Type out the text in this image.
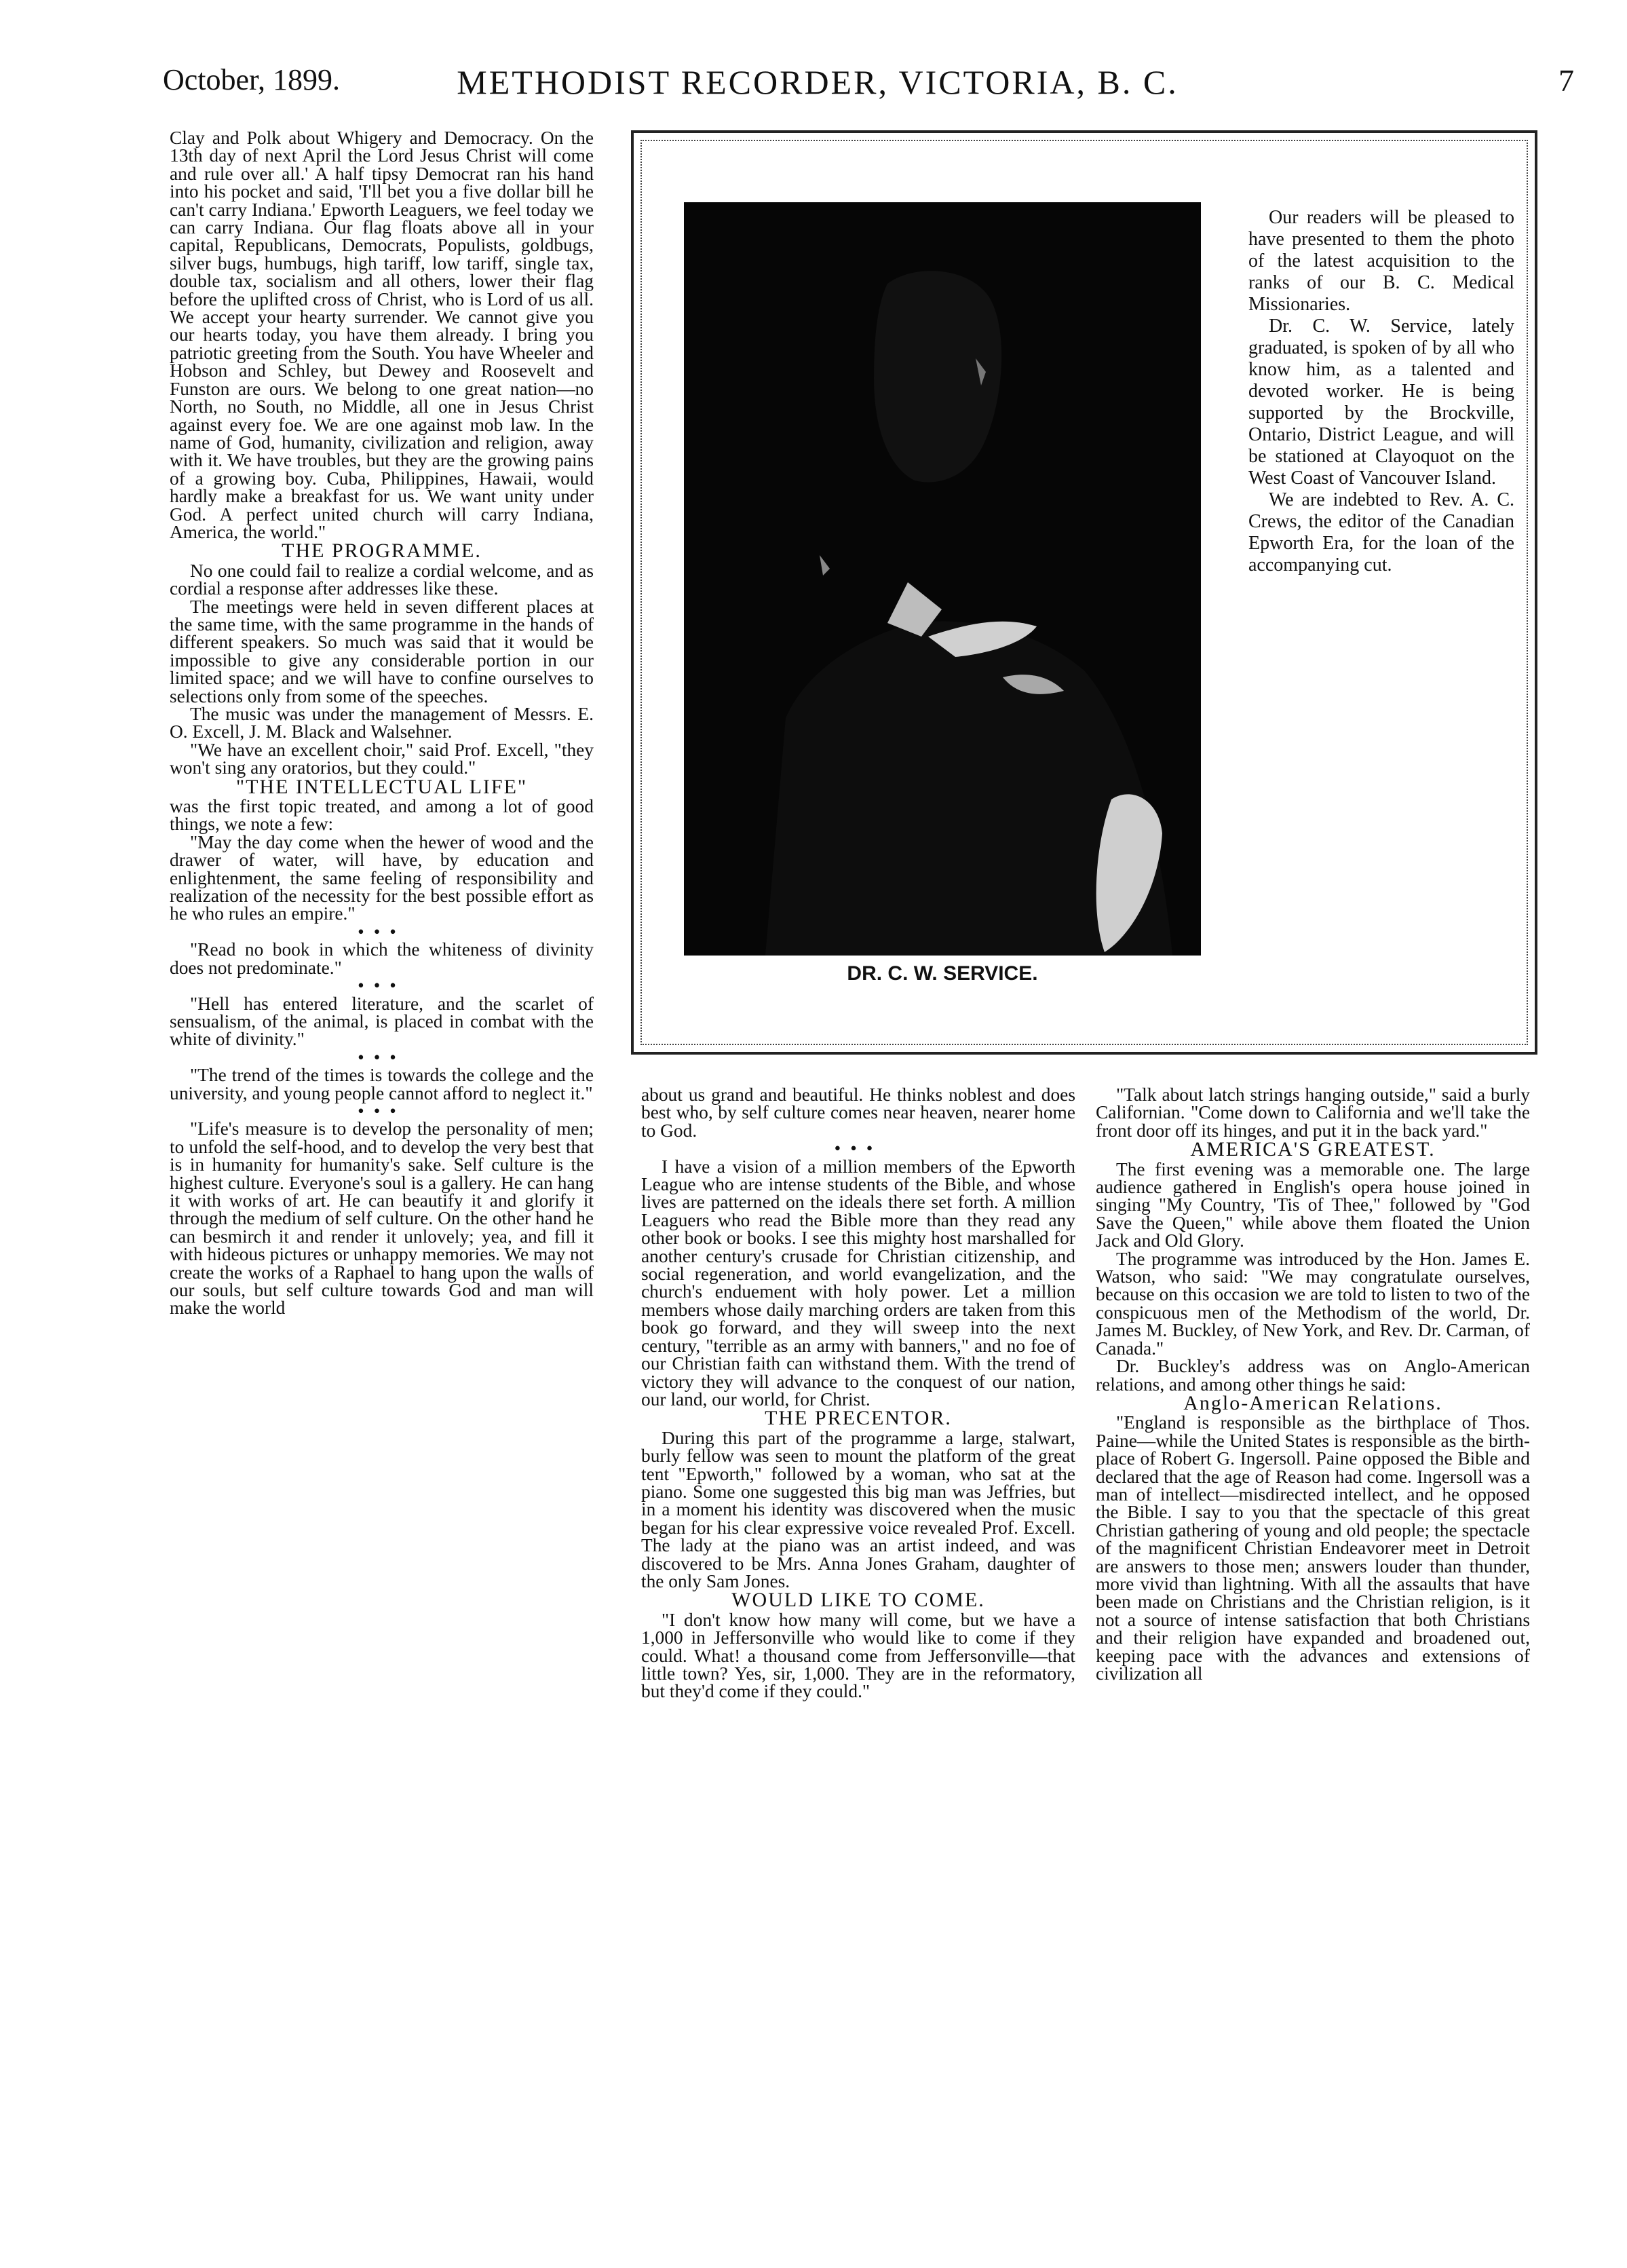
October, 1899.	METHODIST RECORDER, VICTORIA, B. C.	7

Clay and Polk about Whigery and Democracy. On the 13th day of next April the Lord Jesus Christ will come and rule over all.' A half tipsy Democrat ran his hand into his pocket and said, 'I'll bet you a five dollar bill he can't carry Indiana.' Epworth Leaguers, we feel today we can carry Indiana. Our flag floats above all in your capital, Republicans, Democrats, Populists, goldbugs, silver bugs, humbugs, high tariff, low tariff, single tax, double tax, socialism and all others, lower their flag before the uplifted cross of Christ, who is Lord of us all. We accept your hearty surrender. We cannot give you our hearts today, you have them already. I bring you patriotic greeting from the South. You have Wheeler and Hobson and Schley, but Dewey and Roosevelt and Funston are ours. We belong to one great nation—no North, no South, no Middle, all one in Jesus Christ against every foe. We are one against mob law. In the name of God, humanity, civilization and religion, away with it. We have troubles, but they are the growing pains of a growing boy. Cuba, Philippines, Hawaii, would hardly make a breakfast for us. We want unity under God. A perfect united church will carry Indiana, America, the world."

THE PROGRAMME.

No one could fail to realize a cordial welcome, and as cordial a response after addresses like these.

The meetings were held in seven different places at the same time, with the same programme in the hands of different speakers. So much was said that it would be impossible to give any considerable portion in our limited space; and we will have to confine ourselves to selections only from some of the speeches.

The music was under the management of Messrs. E. O. Excell, J. M. Black and Walsehner.

"We have an excellent choir," said Prof. Excell, "they won't sing any oratorios, but they could."

"THE INTELLECTUAL LIFE"

was the first topic treated, and among a lot of good things, we note a few:

"May the day come when the hewer of wood and the drawer of water, will have, by education and enlightenment, the same feeling of responsibility and realization of the necessity for the best possible effort as he who rules an empire."

•••

"Read no book in which the whiteness of divinity does not predominate."

•••

"Hell has entered literature, and the scarlet of sensualism, of the animal, is placed in combat with the white of divinity."

•••

"The trend of the times is towards the college and the university, and young people cannot afford to neglect it."

•••

"Life's measure is to develop the personality of men; to unfold the self-hood, and to develop the very best that is in humanity for humanity's sake. Self culture is the highest culture. Everyone's soul is a gallery. He can hang it with works of art. He can beautify it and glorify it through the medium of self culture. On the other hand he can besmirch it and render it unlovely; yea, and fill it with hideous pictures or unhappy memories. We may not create the works of a Raphael to hang upon the walls of our souls, but self culture towards God and man will make the world

DR. C. W. SERVICE.

Our readers will be pleased to have presented to them the photo of the latest acquisition to the ranks of our B. C. Medical Missionaries.

Dr. C. W. Service, lately graduated, is spoken of by all who know him, as a talented and devoted worker. He is being supported by the Brockville, Ontario, District League, and will be stationed at Clayoquot on the West Coast of Vancouver Island.

We are indebted to Rev. A. C. Crews, the editor of the Canadian Epworth Era, for the loan of the accompanying cut.

about us grand and beautiful. He thinks noblest and does best who, by self culture comes near heaven, nearer home to God.

•••

I have a vision of a million members of the Epworth League who are intense students of the Bible, and whose lives are patterned on the ideals there set forth. A million Leaguers who read the Bible more than they read any other book or books. I see this mighty host marshalled for another century's crusade for Christian citizenship, and social regeneration, and world evangelization, and the church's enduement with holy power. Let a million members whose daily marching orders are taken from this book go forward, and they will sweep into the next century, "terrible as an army with banners," and no foe of our Christian faith can withstand them. With the trend of victory they will advance to the conquest of our nation, our land, our world, for Christ.

THE PRECENTOR.

During this part of the programme a large, stalwart, burly fellow was seen to mount the platform of the great tent "Epworth," followed by a woman, who sat at the piano. Some one suggested this big man was Jeffries, but in a moment his identity was discovered when the music began for his clear expressive voice revealed Prof. Excell. The lady at the piano was an artist indeed, and was discovered to be Mrs. Anna Jones Graham, daughter of the only Sam Jones.

WOULD LIKE TO COME.

"I don't know how many will come, but we have a 1,000 in Jeffersonville who would like to come if they could. What! a thousand come from Jeffersonville—that little town? Yes, sir, 1,000. They are in the reformatory, but they'd come if they could."

"Talk about latch strings hanging outside," said a burly Californian. "Come down to California and we'll take the front door off its hinges, and put it in the back yard."

AMERICA'S GREATEST.

The first evening was a memorable one. The large audience gathered in English's opera house joined in singing "My Country, 'Tis of Thee," followed by "God Save the Queen," while above them floated the Union Jack and Old Glory.

The programme was introduced by the Hon. James E. Watson, who said: "We may congratulate ourselves, because on this occasion we are told to listen to two of the conspicuous men of the Methodism of the world, Dr. James M. Buckley, of New York, and Rev. Dr. Carman, of Canada."

Dr. Buckley's address was on Anglo-American relations, and among other things he said:

Anglo-American Relations.

"England is responsible as the birthplace of Thos. Paine—while the United States is responsible as the birth-place of Robert G. Ingersoll. Paine opposed the Bible and declared that the age of Reason had come. Ingersoll was a man of intellect—misdirected intellect, and he opposed the Bible. I say to you that the spectacle of this great Christian gathering of young and old people; the spectacle of the magnificent Christian Endeavorer meet in Detroit are answers to those men; answers louder than thunder, more vivid than lightning. With all the assaults that have been made on Christians and the Christian religion, is it not a source of intense satisfaction that both Christians and their religion have expanded and broadened out, keeping pace with the advances and extensions of civilization all
